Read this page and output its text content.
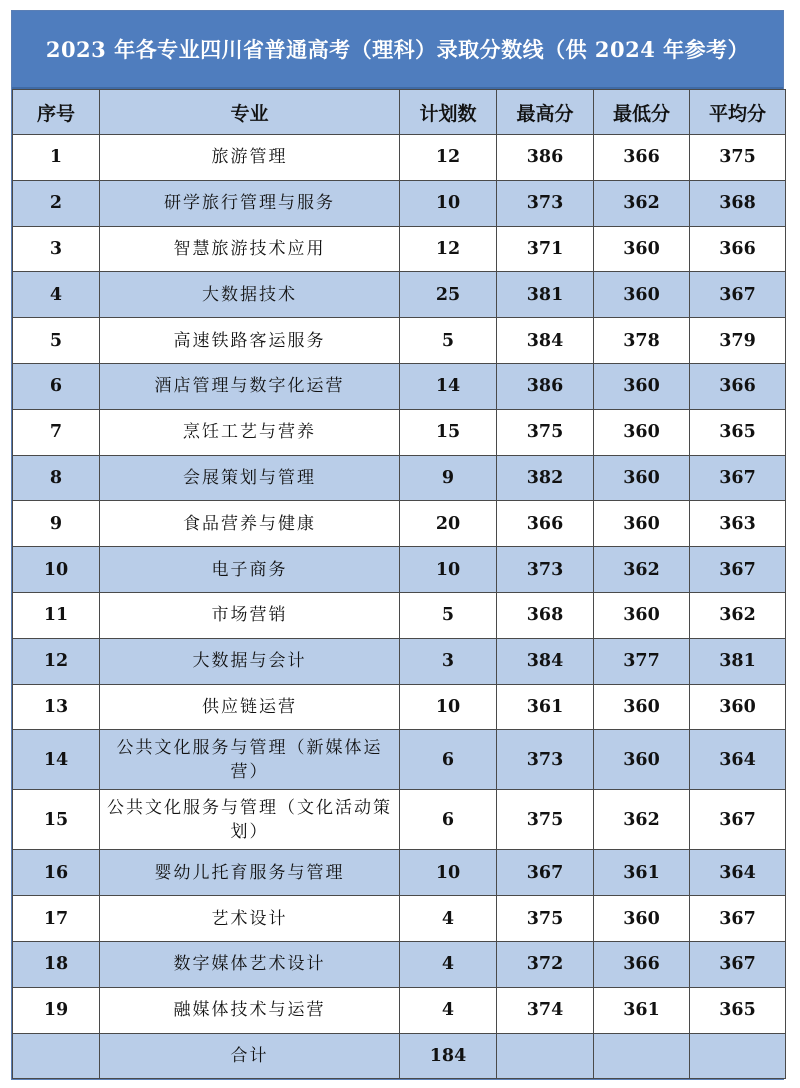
2023 年各专业四川省普通高考（理科）录取分数线（供 2024 年参考）
序号	专业	计划数	最高分	最低分	平均分
1	旅游管理	12	386	366	375
2	研学旅行管理与服务	10	373	362	368
3	智慧旅游技术应用	12	371	360	366
4	大数据技术	25	381	360	367
5	高速铁路客运服务	5	384	378	379
6	酒店管理与数字化运营	14	386	360	366
7	烹饪工艺与营养	15	375	360	365
8	会展策划与管理	9	382	360	367
9	食品营养与健康	20	366	360	363
10	电子商务	10	373	362	367
11	市场营销	5	368	360	362
12	大数据与会计	3	384	377	381
13	供应链运营	10	361	360	360
14	公共文化服务与管理（新媒体运营）	6	373	360	364
15	公共文化服务与管理（文化活动策划）	6	375	362	367
16	婴幼儿托育服务与管理	10	367	361	364
17	艺术设计	4	375	360	367
18	数字媒体艺术设计	4	372	366	367
19	融媒体技术与运营	4	374	361	365
	合计	184			
